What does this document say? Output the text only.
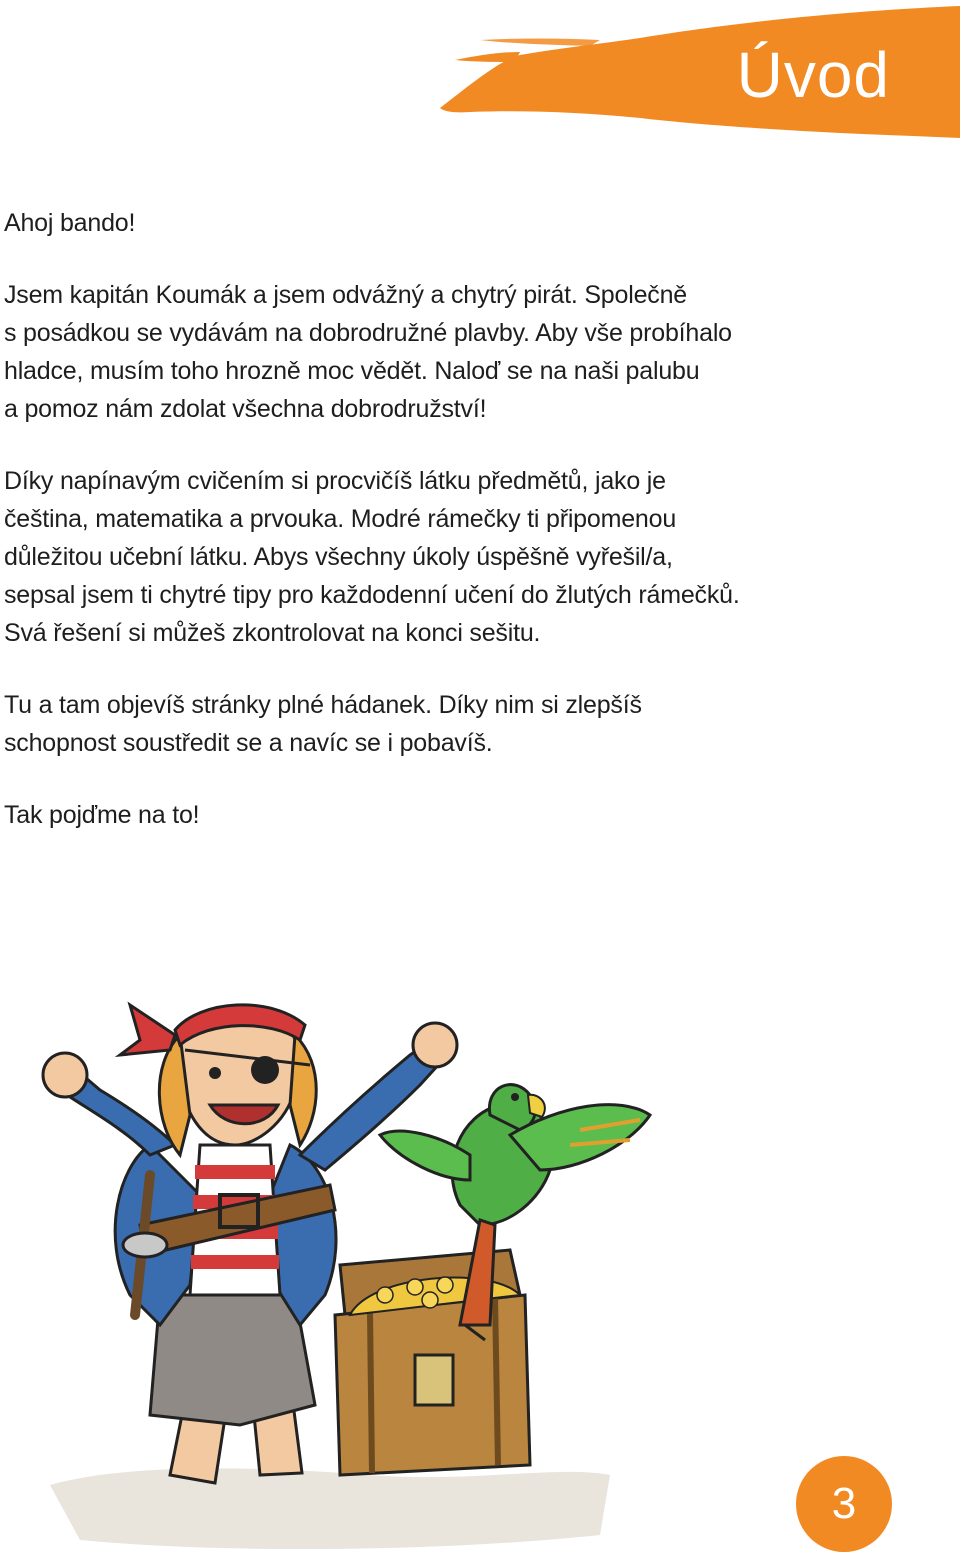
Úvod

Ahoj bando!

Jsem kapitán Koumák a jsem odvážný a chytrý pirát. Společně
s posádkou se vydávám na dobrodružné plavby. Aby vše probíhalo
hladce, musím toho hrozně moc vědět. Nalоď se na naši palubu
a pomoz nám zdolat všechna dobrodružství!

Díky napínavým cvičením si procvičíš látku předmětů, jako je
čeština, matematika a prvouka. Modré rámečky ti připomenou
důležitou učební látku. Abys všechny úkoly úspěšně vyřešil/a,
sepsal jsem ti chytré tipy pro každodenní učení do žlutých rámečků.
Svá řešení si můžeš zkontrolovat na konci sešitu.

Tu a tam objevíš stránky plné hádanek. Díky nim si zlepšíš
schopnost soustředit se a navíc se i pobavíš.

Tak pojďme na to!

3
